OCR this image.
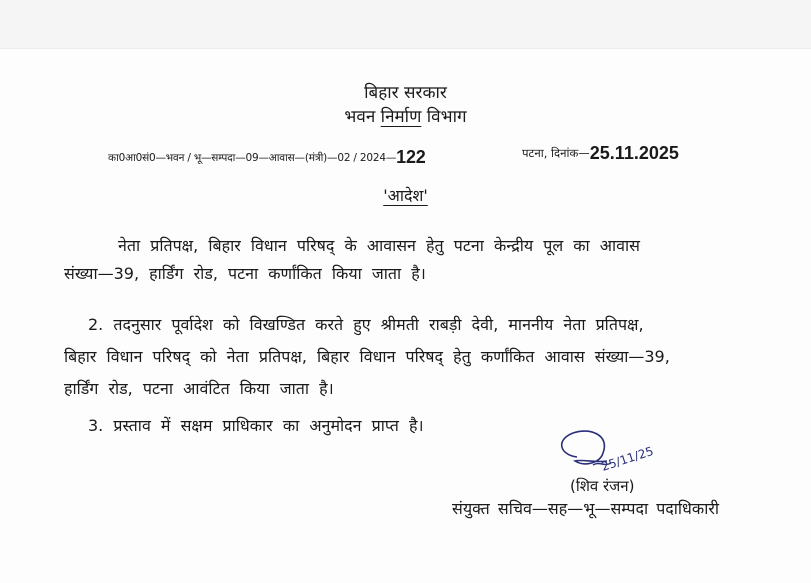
बिहार सरकार
भवन निर्माण विभाग
का0आ0सं0—भवन / भू—सम्पदा—09—आवास—(मंत्री)—02 / 2024—122	पटना, दिनांक—25.11.2025
'आदेश'
नेता प्रतिपक्ष, बिहार विधान परिषद् के आवासन हेतु पटना केन्द्रीय पूल का आवास
संख्या—39, हार्डिंग रोड, पटना कर्णांकित किया जाता है।
2. तदनुसार पूर्वादेश को विखण्डित करते हुए श्रीमती राबड़ी देवी, माननीय नेता प्रतिपक्ष,
बिहार विधान परिषद् को नेता प्रतिपक्ष, बिहार विधान परिषद् हेतु कर्णांकित आवास संख्या—39,
हार्डिंग रोड, पटना आवंटित किया जाता है।
3. प्रस्ताव में सक्षम प्राधिकार का अनुमोदन प्राप्त है।
25/11/25
(शिव रंजन)
संयुक्त सचिव—सह—भू—सम्पदा पदाधिकारी
